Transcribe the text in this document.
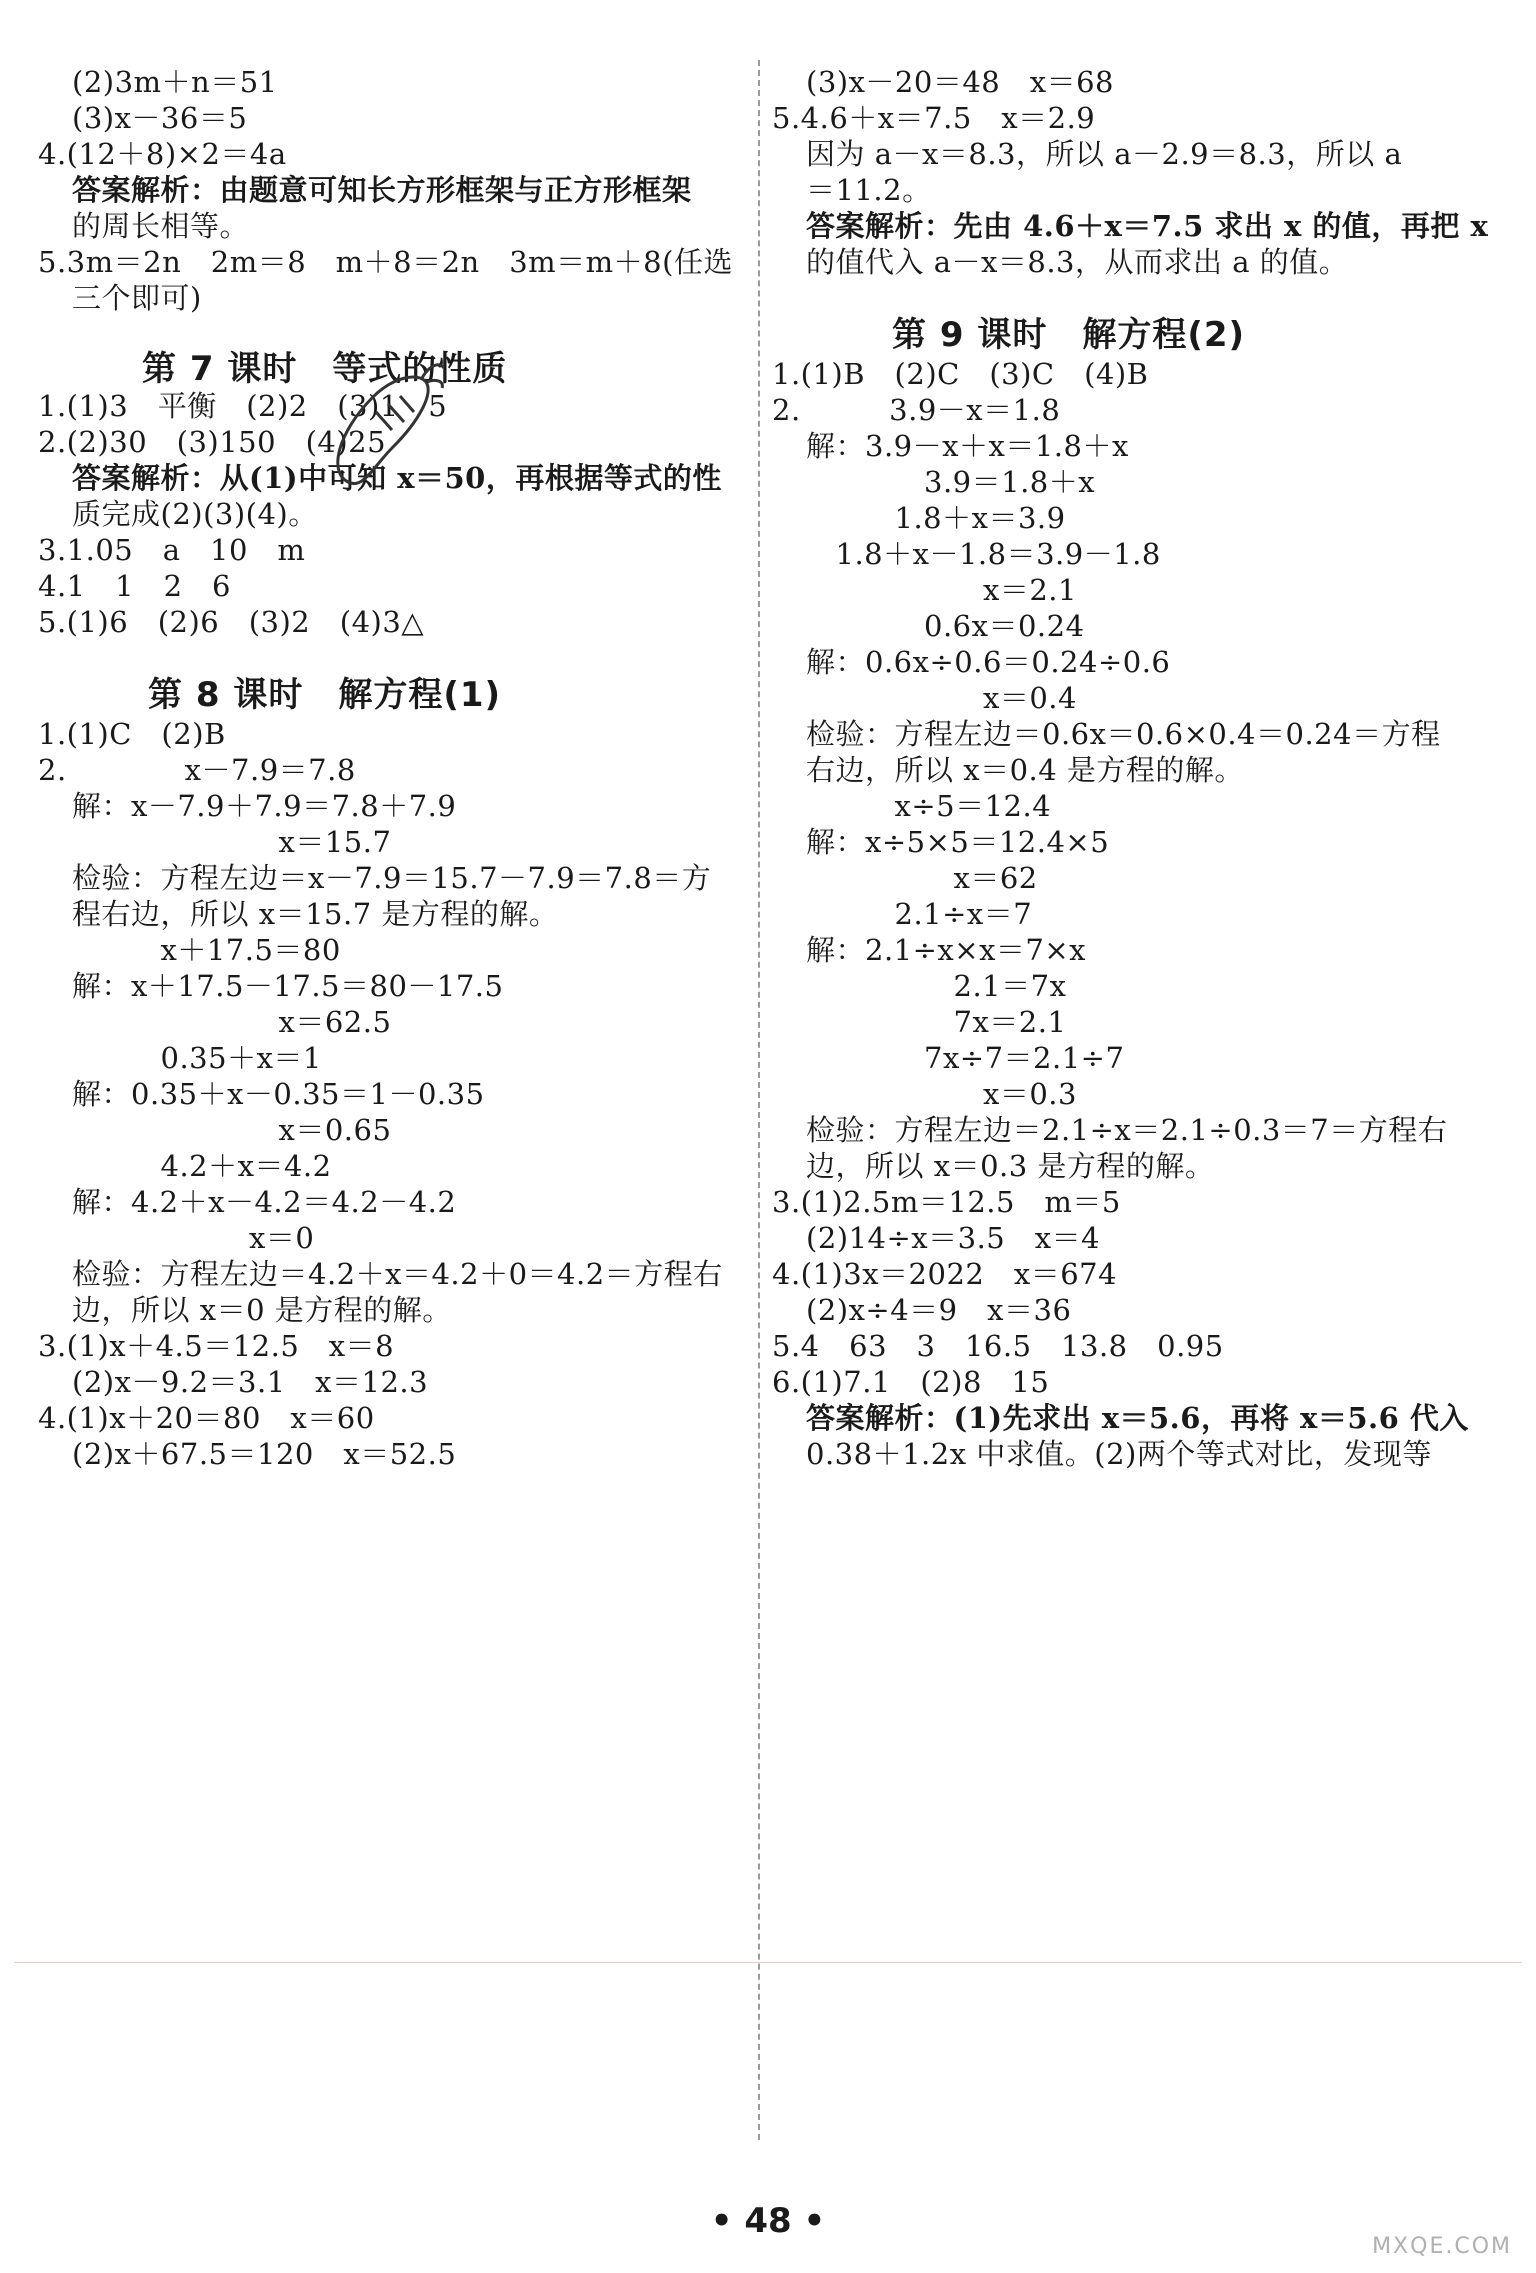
(2)3m＋n＝51
(3)x－36＝5
4.(12＋8)×2＝4a
答案解析：由题意可知长方形框架与正方形框架
的周长相等。
5.3m＝2n　2m＝8　m＋8＝2n　3m＝m＋8(任选
三个即可)
第 7 课时　等式的性质
1.(1)3　平衡　(2)2　(3)1　5
2.(2)30　(3)150　(4)25
答案解析：从(1)中可知 x＝50，再根据等式的性
质完成(2)(3)(4)。
3.1.05　a　10　m
4.1　1　2　6
5.(1)6　(2)6　(3)2　(4)3△
第 8 课时　解方程(1)
1.(1)C　(2)B
2.　　　　x－7.9＝7.8
解：x－7.9＋7.9＝7.8＋7.9
　　　　　　　x＝15.7
检验：方程左边＝x－7.9＝15.7－7.9＝7.8＝方
程右边，所以 x＝15.7 是方程的解。
　　　x＋17.5＝80
解：x＋17.5－17.5＝80－17.5
　　　　　　　x＝62.5
　　　0.35＋x＝1
解：0.35＋x－0.35＝1－0.35
　　　　　　　x＝0.65
　　　4.2＋x＝4.2
解：4.2＋x－4.2＝4.2－4.2
　　　　　　x＝0
检验：方程左边＝4.2＋x＝4.2＋0＝4.2＝方程右
边，所以 x＝0 是方程的解。
3.(1)x＋4.5＝12.5　x＝8
(2)x－9.2＝3.1　x＝12.3
4.(1)x＋20＝80　x＝60
(2)x＋67.5＝120　x＝52.5
(3)x－20＝48　x＝68
5.4.6＋x＝7.5　x＝2.9
因为 a－x＝8.3，所以 a－2.9＝8.3，所以 a
＝11.2。
答案解析：先由 4.6＋x＝7.5 求出 x 的值，再把 x
的值代入 a－x＝8.3，从而求出 a 的值。
第 9 课时　解方程(2)
1.(1)B　(2)C　(3)C　(4)B
2.　　　3.9－x＝1.8
解：3.9－x＋x＝1.8＋x
　　　　3.9＝1.8＋x
　　　1.8＋x＝3.9
　1.8＋x－1.8＝3.9－1.8
　　　　　　x＝2.1
　　　　0.6x＝0.24
解：0.6x÷0.6＝0.24÷0.6
　　　　　　x＝0.4
检验：方程左边＝0.6x＝0.6×0.4＝0.24＝方程
右边，所以 x＝0.4 是方程的解。
　　　x÷5＝12.4
解：x÷5×5＝12.4×5
　　　　　x＝62
　　　2.1÷x＝7
解：2.1÷x×x＝7×x
　　　　　2.1＝7x
　　　　　7x＝2.1
　　　　7x÷7＝2.1÷7
　　　　　　x＝0.3
检验：方程左边＝2.1÷x＝2.1÷0.3＝7＝方程右
边，所以 x＝0.3 是方程的解。
3.(1)2.5m＝12.5　m＝5
(2)14÷x＝3.5　x＝4
4.(1)3x＝2022　x＝674
(2)x÷4＝9　x＝36
5.4　63　3　16.5　13.8　0.95
6.(1)7.1　(2)8　15
答案解析：(1)先求出 x＝5.6，再将 x＝5.6 代入
0.38＋1.2x 中求值。(2)两个等式对比，发现等
• 48 •
MXQE.COM
